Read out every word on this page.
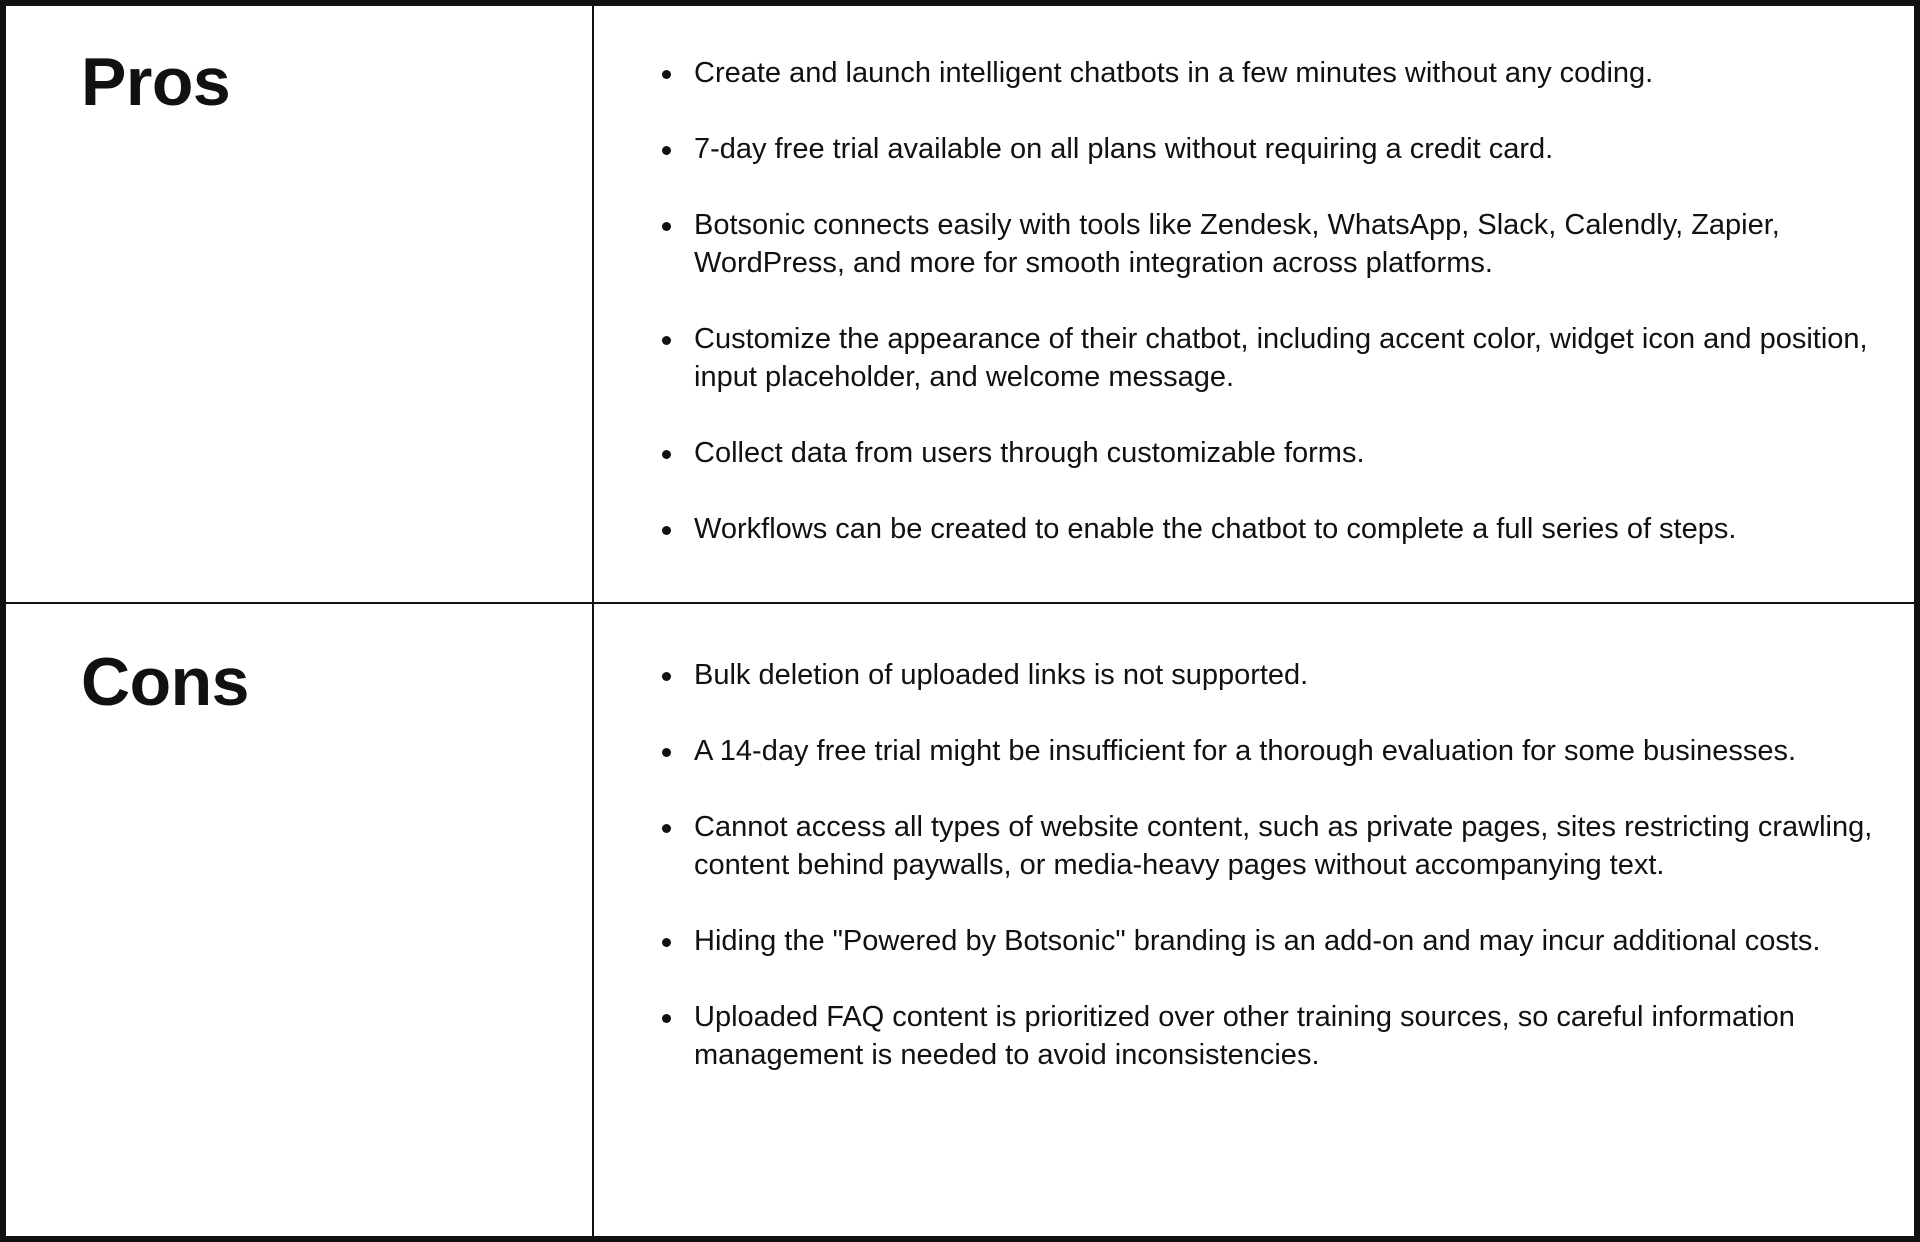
Pros	Create and launch intelligent chatbots in a few minutes without any coding.
7-day free trial available on all plans without requiring a credit card.
Botsonic connects easily with tools like Zendesk, WhatsApp, Slack, Calendly, Zapier, WordPress, and more for smooth integration across platforms.
Customize the appearance of their chatbot, including accent color, widget icon and position, input placeholder, and welcome message.
Collect data from users through customizable forms.
Workflows can be created to enable the chatbot to complete a full series of steps.
Cons	Bulk deletion of uploaded links is not supported.
A 14-day free trial might be insufficient for a thorough evaluation for some businesses.
Cannot access all types of website content, such as private pages, sites restricting crawling, content behind paywalls, or media-heavy pages without accompanying text.
Hiding the "Powered by Botsonic" branding is an add-on and may incur additional costs.
Uploaded FAQ content is prioritized over other training sources, so careful information management is needed to avoid inconsistencies.
